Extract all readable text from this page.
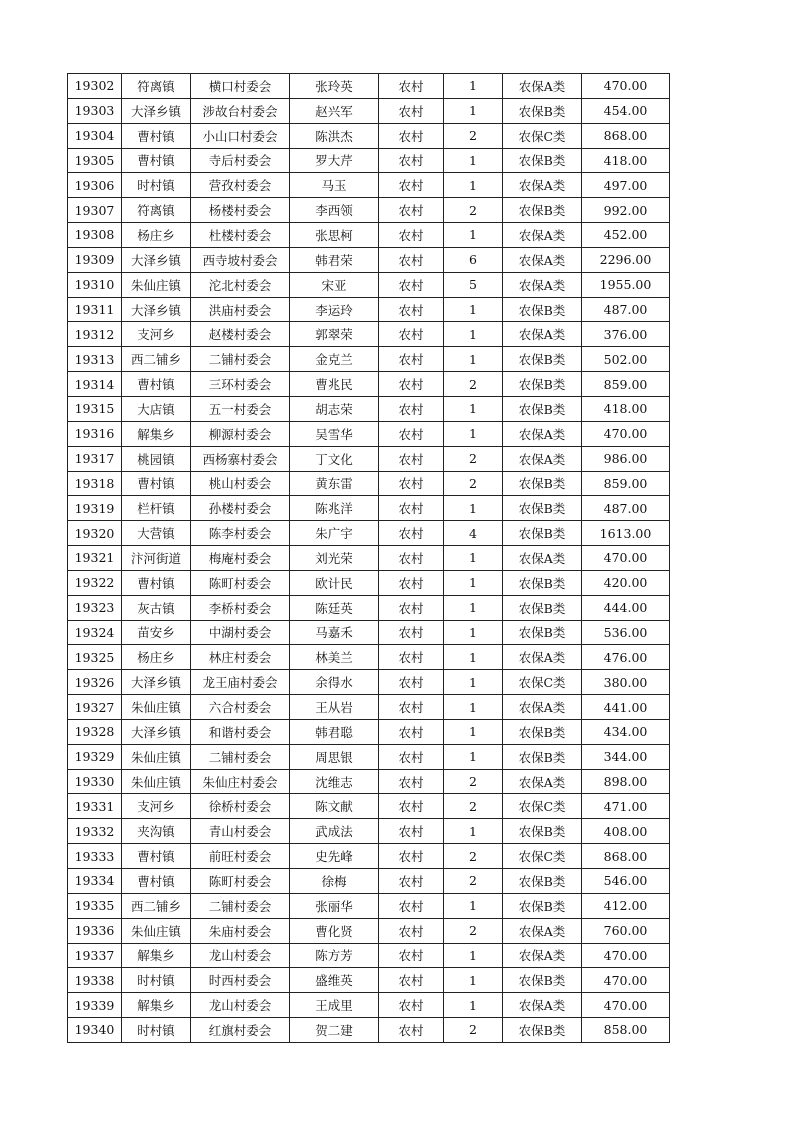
19302	符离镇	横口村委会	张玲英	农村	1	农保A类	470.00
19303	大泽乡镇	涉故台村委会	赵兴军	农村	1	农保B类	454.00
19304	曹村镇	小山口村委会	陈洪杰	农村	2	农保C类	868.00
19305	曹村镇	寺后村委会	罗大芹	农村	1	农保B类	418.00
19306	时村镇	营孜村委会	马玉	农村	1	农保A类	497.00
19307	符离镇	杨楼村委会	李西领	农村	2	农保B类	992.00
19308	杨庄乡	杜楼村委会	张思柯	农村	1	农保A类	452.00
19309	大泽乡镇	西寺坡村委会	韩君荣	农村	6	农保A类	2296.00
19310	朱仙庄镇	沱北村委会	宋亚	农村	5	农保A类	1955.00
19311	大泽乡镇	洪庙村委会	李运玲	农村	1	农保B类	487.00
19312	支河乡	赵楼村委会	郭翠荣	农村	1	农保A类	376.00
19313	西二铺乡	二铺村委会	金克兰	农村	1	农保B类	502.00
19314	曹村镇	三环村委会	曹兆民	农村	2	农保B类	859.00
19315	大店镇	五一村委会	胡志荣	农村	1	农保B类	418.00
19316	解集乡	柳源村委会	吴雪华	农村	1	农保A类	470.00
19317	桃园镇	西杨寨村委会	丁文化	农村	2	农保A类	986.00
19318	曹村镇	桃山村委会	黄东雷	农村	2	农保B类	859.00
19319	栏杆镇	孙楼村委会	陈兆洋	农村	1	农保B类	487.00
19320	大营镇	陈李村委会	朱广宇	农村	4	农保B类	1613.00
19321	汴河街道	梅庵村委会	刘光荣	农村	1	农保A类	470.00
19322	曹村镇	陈町村委会	欧计民	农村	1	农保B类	420.00
19323	灰古镇	李桥村委会	陈廷英	农村	1	农保B类	444.00
19324	苗安乡	中湖村委会	马嘉禾	农村	1	农保B类	536.00
19325	杨庄乡	林庄村委会	林美兰	农村	1	农保A类	476.00
19326	大泽乡镇	龙王庙村委会	余得水	农村	1	农保C类	380.00
19327	朱仙庄镇	六合村委会	王从岩	农村	1	农保A类	441.00
19328	大泽乡镇	和谐村委会	韩君聪	农村	1	农保B类	434.00
19329	朱仙庄镇	二铺村委会	周思银	农村	1	农保B类	344.00
19330	朱仙庄镇	朱仙庄村委会	沈维志	农村	2	农保A类	898.00
19331	支河乡	徐桥村委会	陈文献	农村	2	农保C类	471.00
19332	夹沟镇	青山村委会	武成法	农村	1	农保B类	408.00
19333	曹村镇	前旺村委会	史先峰	农村	2	农保C类	868.00
19334	曹村镇	陈町村委会	徐梅	农村	2	农保B类	546.00
19335	西二铺乡	二铺村委会	张丽华	农村	1	农保B类	412.00
19336	朱仙庄镇	朱庙村委会	曹化贤	农村	2	农保A类	760.00
19337	解集乡	龙山村委会	陈方芳	农村	1	农保A类	470.00
19338	时村镇	时西村委会	盛维英	农村	1	农保B类	470.00
19339	解集乡	龙山村委会	王成里	农村	1	农保A类	470.00
19340	时村镇	红旗村委会	贺二建	农村	2	农保B类	858.00
